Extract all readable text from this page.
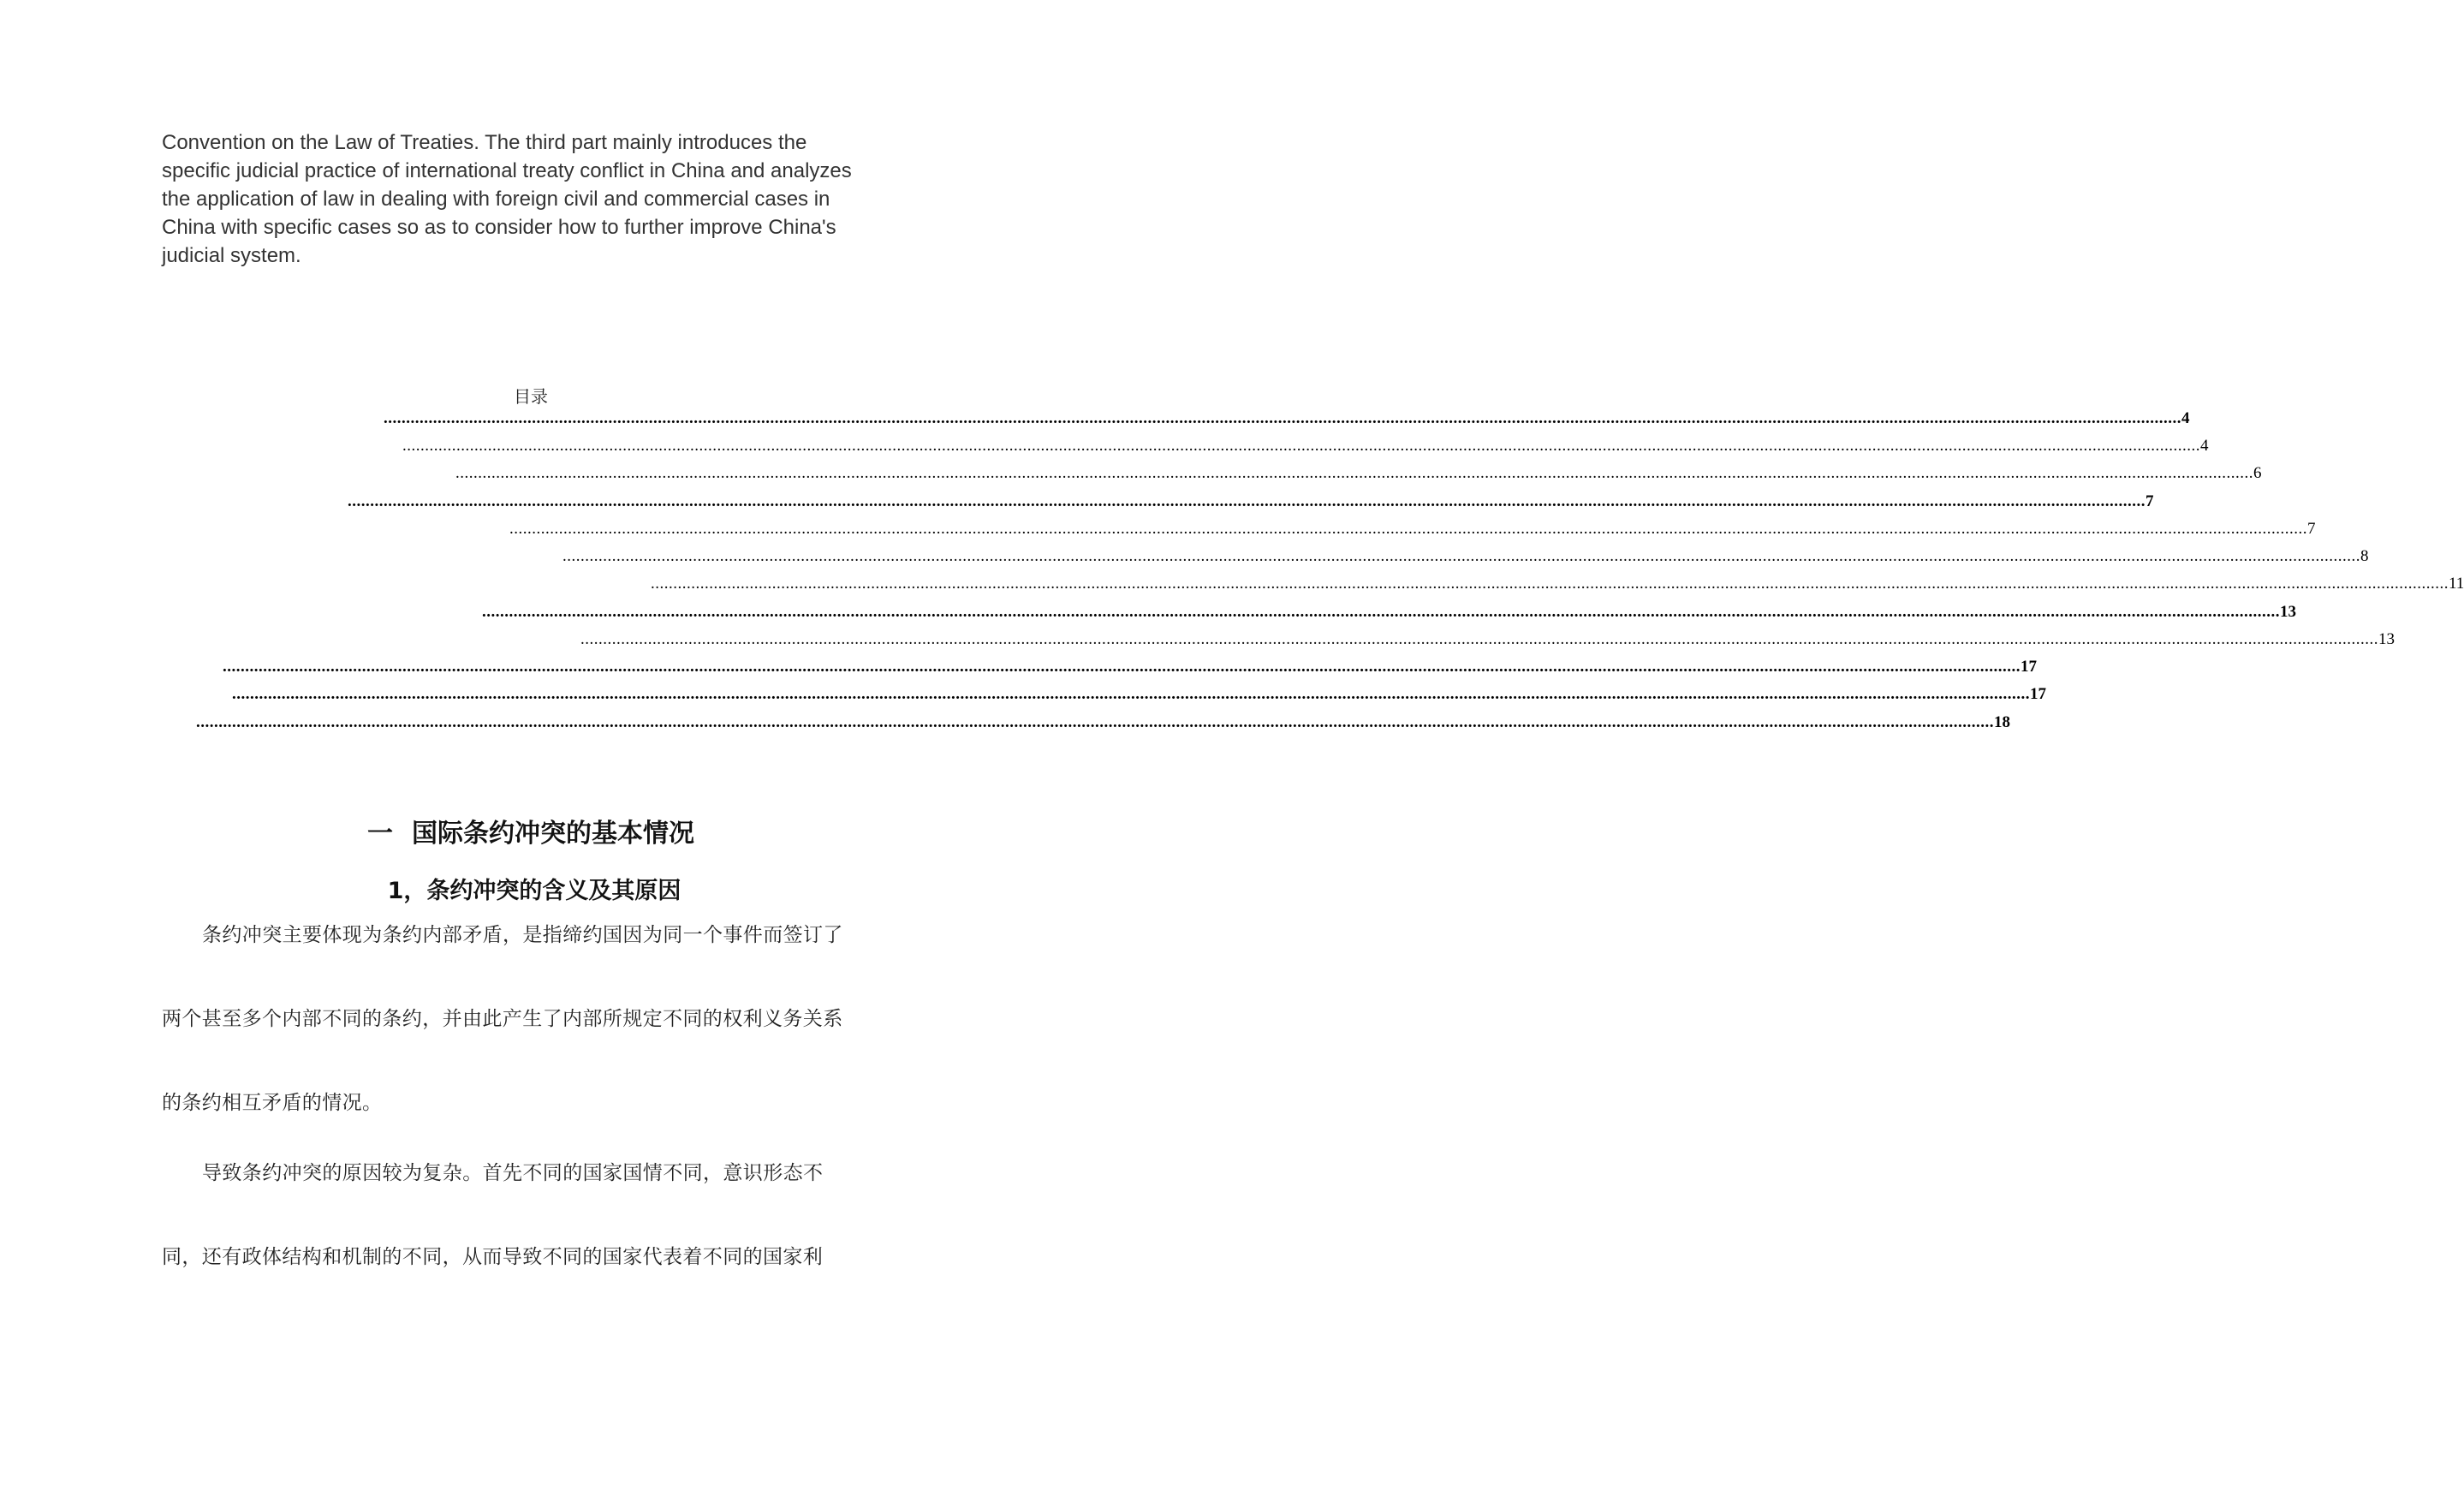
Convention on the Law of Treaties. The third part mainly introduces the
specific judicial practice of international treaty conflict in China and analyzes
the application of law in dealing with foreign civil and commercial cases in
China with specific cases so as to consider how to further improve China's
judicial system.
目录
................................................................................................................................................................................................................................................................................................................................................................................................................ 4
................................................................................................................................................................................................................................................................................................................................................................................................................ 4
................................................................................................................................................................................................................................................................................................................................................................................................................ 6
................................................................................................................................................................................................................................................................................................................................................................................................................ 7
................................................................................................................................................................................................................................................................................................................................................................................................................ 7
................................................................................................................................................................................................................................................................................................................................................................................................................ 8
................................................................................................................................................................................................................................................................................................................................................................................................................ 11
................................................................................................................................................................................................................................................................................................................................................................................................................ 13
................................................................................................................................................................................................................................................................................................................................................................................................................ 13
................................................................................................................................................................................................................................................................................................................................................................................................................ 17
................................................................................................................................................................................................................................................................................................................................................................................................................ 17
................................................................................................................................................................................................................................................................................................................................................................................................................ 18
一 国际条约冲突的基本情况
1，条约冲突的含义及其原因
条约冲突主要体现为条约内部矛盾，是指缔约国因为同一个事件而签订了
两个甚至多个内部不同的条约，并由此产生了内部所规定不同的权利义务关系
的条约相互矛盾的情况。
导致条约冲突的原因较为复杂。首先不同的国家国情不同，意识形态不
同，还有政体结构和机制的不同，从而导致不同的国家代表着不同的国家利
